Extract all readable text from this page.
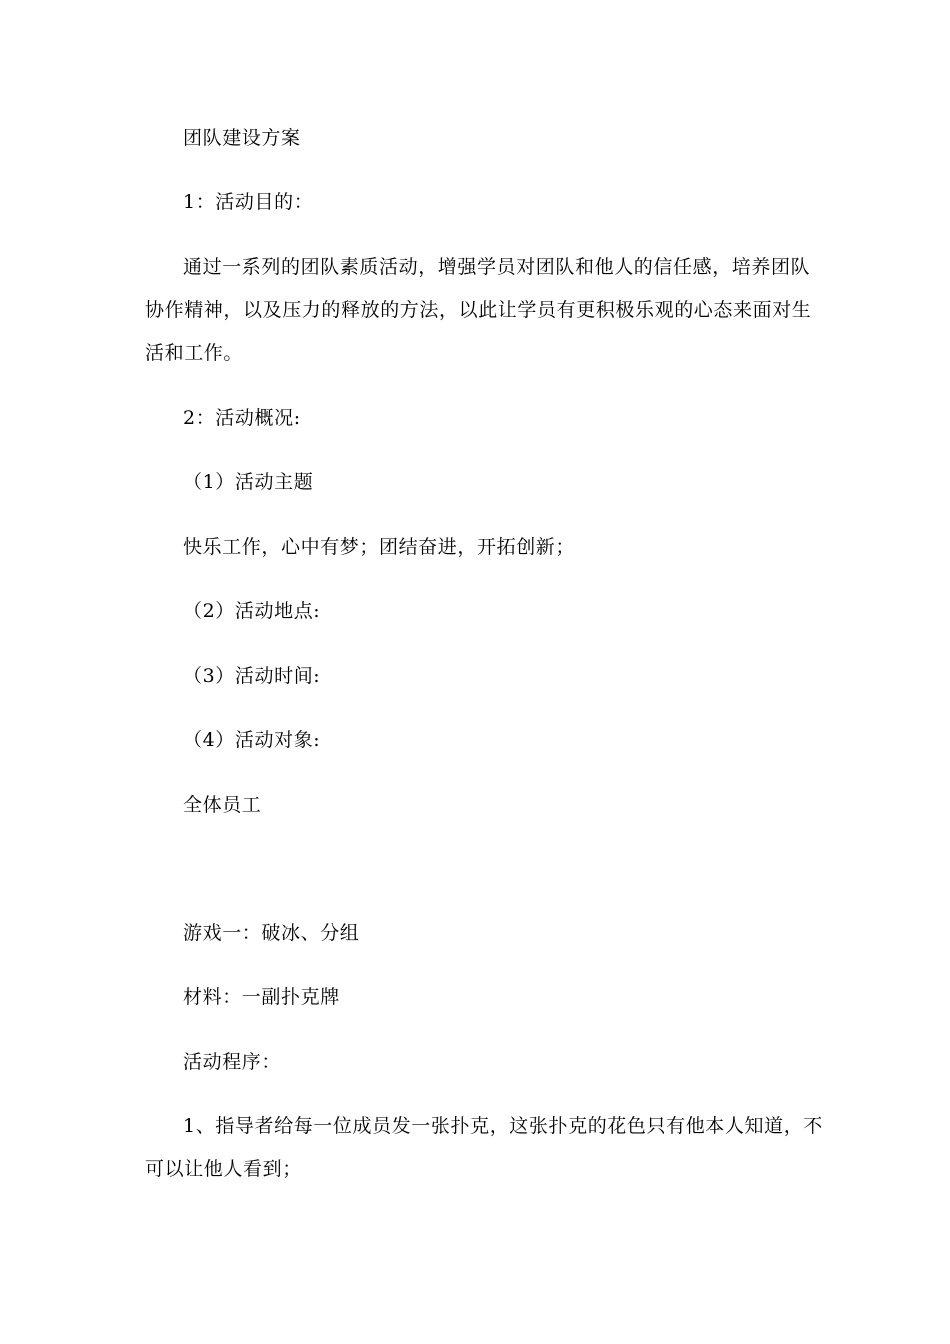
团队建设方案
1：活动目的：
通过一系列的团队素质活动，增强学员对团队和他人的信任感，培养团队
协作精神，以及压力的释放的方法，以此让学员有更积极乐观的心态来面对生
活和工作。
2：活动概况:
（1）活动主题
快乐工作，心中有梦；团结奋进，开拓创新；
（2）活动地点:
（3）活动时间:
（4）活动对象:
全体员工
游戏一：破冰、分组
材料：一副扑克牌
活动程序：
1、指导者给每一位成员发一张扑克，这张扑克的花色只有他本人知道，不
可以让他人看到；
